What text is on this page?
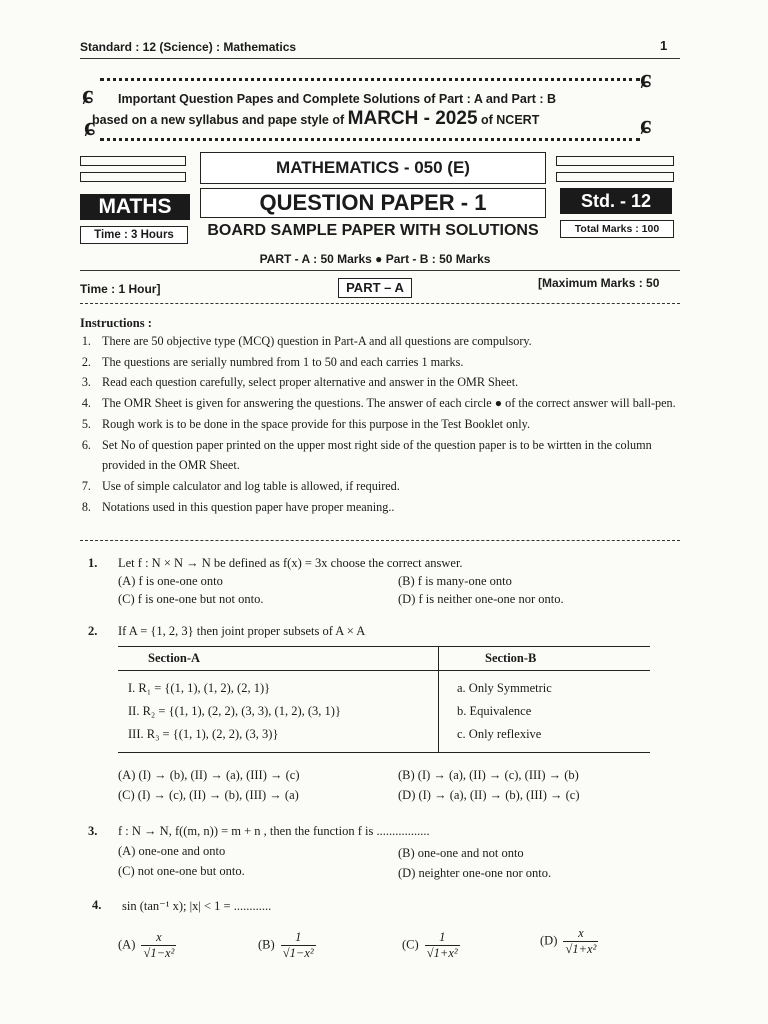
Standard : 12 (Science) : Mathematics	1
ɕ
ɕ
Important Question Papes and Complete Solutions of Part : A and Part : B
based on a new syllabus and pape style of MARCH - 2025 of NCERT
ɕ	ɕ
MATHEMATICS - 050 (E)
MATHS	QUESTION PAPER - 1	Std. - 12
Time : 3 Hours	BOARD SAMPLE PAPER WITH SOLUTIONS	Total Marks : 100
PART - A : 50 Marks ● Part - B : 50 Marks
Time : 1 Hour]	PART – A	[Maximum Marks : 50
Instructions :
1. There are 50 objective type (MCQ) question in Part-A and all questions are compulsory.
2. The questions are serially numbred from 1 to 50 and each carries 1 marks.
3. Read each question carefully, select proper alternative and answer in the OMR Sheet.
4. The OMR Sheet is given for answering the questions. The answer of each circle ● of the correct answer will ball-pen.
5. Rough work is to be done in the space provide for this purpose in the Test Booklet only.
6. Set No of question paper printed on the upper most right side of the question paper is to be wirtten in the column provided in the OMR Sheet.
7. Use of simple calculator and log table is allowed, if required.
8. Notations used in this question paper have proper meaning..
1. Let f : N × N → N be defined as f(x) = 3x choose the correct answer.
(A) f is one-one onto	(B) f is many-one onto
(C) f is one-one but not onto.	(D) f is neither one-one nor onto.
2. If A = {1, 2, 3} then joint proper subsets of A × A
Section-A	Section-B
I. R₁ = {(1, 1), (1, 2), (2, 1)}	a. Only Symmetric
II. R₂ = {(1, 1), (2, 2), (3, 3), (1, 2), (3, 1)}	b. Equivalence
III. R₃ = {(1, 1), (2, 2), (3, 3)}	c. Only reflexive
(A) (I) → (b), (II) → (a), (III) → (c)	(B) (I) → (a), (II) → (c), (III) → (b)
(C) (I) → (c), (II) → (b), (III) → (a)	(D) (I) → (a), (II) → (b), (III) → (c)
3. f : N → N, f((m, n)) = m + n , then the function f is .................
(A) one-one and onto	(B) one-one and not onto
(C) not one-one but onto.	(D) neighter one-one nor onto.
4. sin (tan⁻¹ x); |x| < 1 = ............
$(A) \frac{x}{\text{√1−x²}}$	$(B) \frac{1}{\text{√1−x²}}$	$(C) \frac{1}{\text{√1+x²}}$	$(D) \frac{x}{\text{√1+x²}}$
